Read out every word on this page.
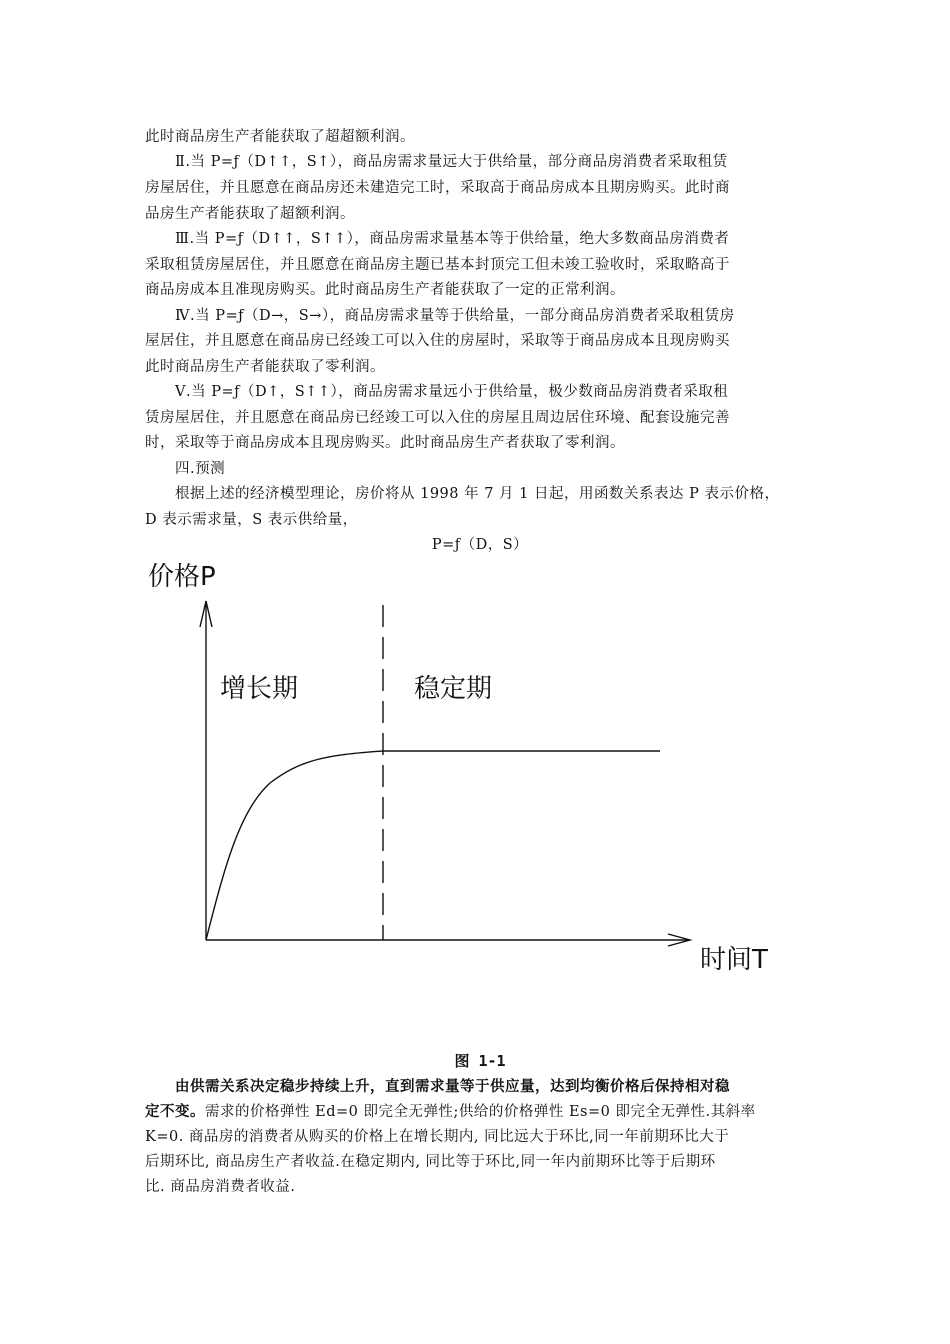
此时商品房生产者能获取了超超额利润。
Ⅱ.当 P=ƒ（D↑↑，S↑），商品房需求量远大于供给量，部分商品房消费者采取租赁
房屋居住，并且愿意在商品房还未建造完工时，采取高于商品房成本且期房购买。此时商
品房生产者能获取了超额利润。
Ⅲ.当 P=ƒ（D↑↑，S↑↑），商品房需求量基本等于供给量，绝大多数商品房消费者
采取租赁房屋居住，并且愿意在商品房主题已基本封顶完工但未竣工验收时，采取略高于
商品房成本且准现房购买。此时商品房生产者能获取了一定的正常利润。
Ⅳ.当 P=ƒ（D→，S→），商品房需求量等于供给量，一部分商品房消费者采取租赁房
屋居住，并且愿意在商品房已经竣工可以入住的房屋时，采取等于商品房成本且现房购买
此时商品房生产者能获取了零利润。
Ⅴ.当 P=ƒ（D↑，S↑↑），商品房需求量远小于供给量，极少数商品房消费者采取租
赁房屋居住，并且愿意在商品房已经竣工可以入住的房屋且周边居住环境、配套设施完善
时，采取等于商品房成本且现房购买。此时商品房生产者获取了零利润。
四.预测
根据上述的经济模型理论，房价将从 1998 年 7 月 1 日起，用函数关系表达 P 表示价格，
D 表示需求量，S 表示供给量，
P=ƒ（D，S）
价格P
时间T
增长期	稳定期
图 1-1
由供需关系决定稳步持续上升，直到需求量等于供应量，达到均衡价格后保持相对稳
定不变。需求的价格弹性 Ed=0 即完全无弹性;供给的价格弹性 Es=0 即完全无弹性.其斜率
K=0. 商品房的消费者从购买的价格上在增长期内, 同比远大于环比,同一年前期环比大于
后期环比, 商品房生产者收益.在稳定期内, 同比等于环比,同一年内前期环比等于后期环
比. 商品房消费者收益.
